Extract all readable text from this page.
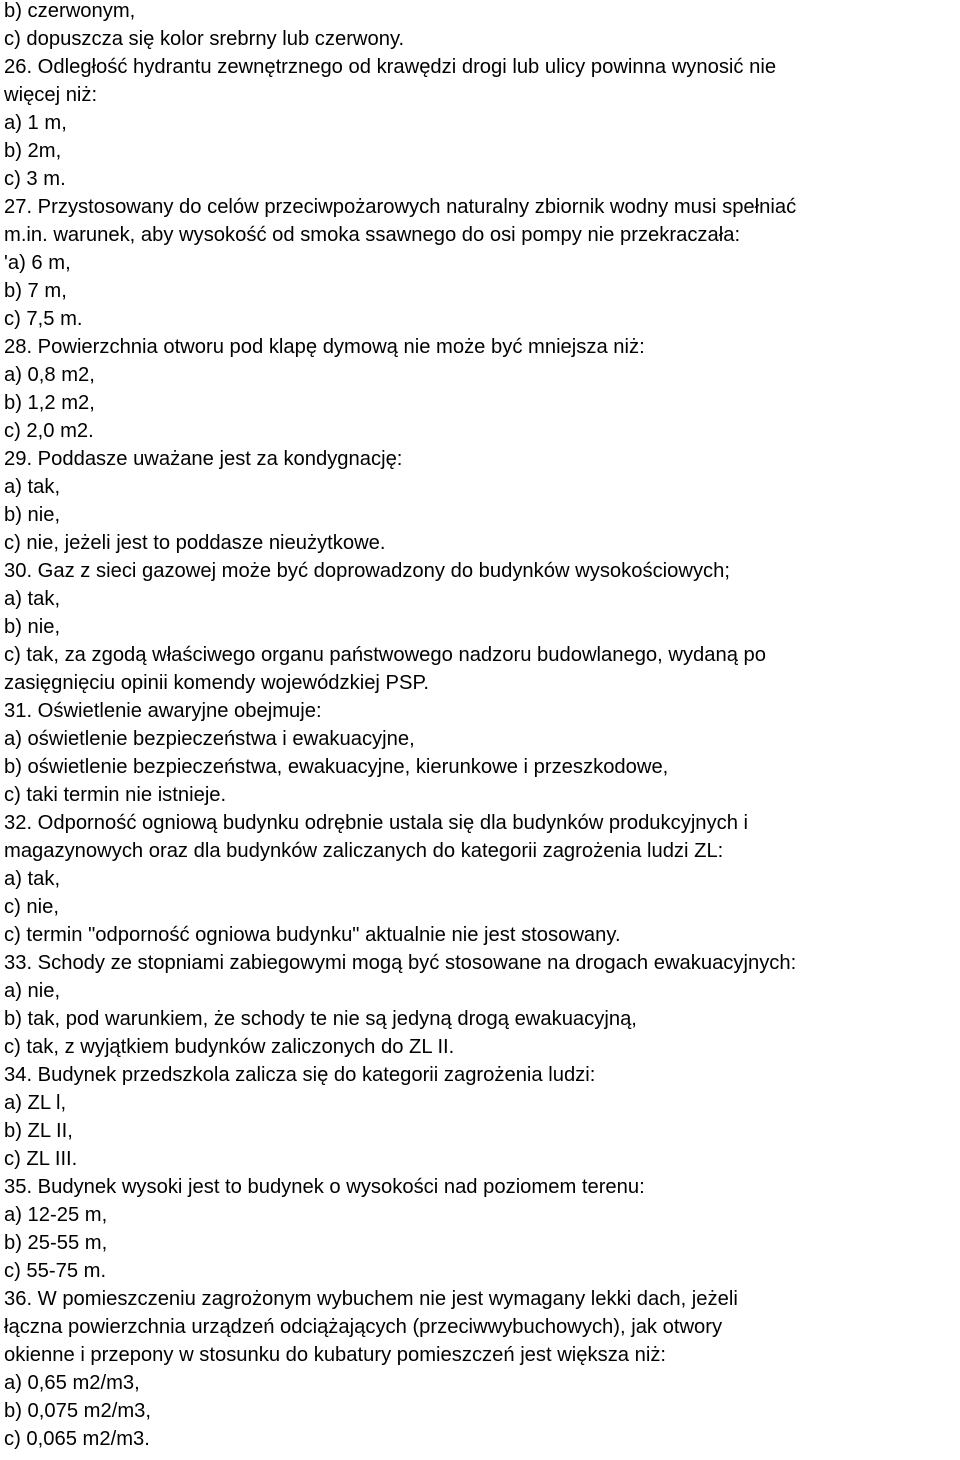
b) czerwonym,
c) dopuszcza się kolor srebrny lub czerwony.
26. Odległość hydrantu zewnętrznego od krawędzi drogi lub ulicy powinna wynosić nie
więcej niż:
a) 1 m,
b) 2m,
c) 3 m.
27. Przystosowany do celów przeciwpożarowych naturalny zbiornik wodny musi spełniać
m.in. warunek, aby wysokość od smoka ssawnego do osi pompy nie przekraczała:
'a) 6 m,
b) 7 m,
c) 7,5 m.
28. Powierzchnia otworu pod klapę dymową nie może być mniejsza niż:
a) 0,8 m2,
b) 1,2 m2,
c) 2,0 m2.
29. Poddasze uważane jest za kondygnację:
a) tak,
b) nie,
c) nie, jeżeli jest to poddasze nieużytkowe.
30. Gaz z sieci gazowej może być doprowadzony do budynków wysokościowych;
a) tak,
b) nie,
c) tak, za zgodą właściwego organu państwowego nadzoru budowlanego, wydaną po
zasięgnięciu opinii komendy wojewódzkiej PSP.
31. Oświetlenie awaryjne obejmuje:
a) oświetlenie bezpieczeństwa i ewakuacyjne,
b) oświetlenie bezpieczeństwa, ewakuacyjne, kierunkowe i przeszkodowe,
c) taki termin nie istnieje.
32. Odporność ogniową budynku odrębnie ustala się dla budynków produkcyjnych i
magazynowych oraz dla budynków zaliczanych do kategorii zagrożenia ludzi ZL:
a) tak,
c) nie,
c) termin "odporność ogniowa budynku" aktualnie nie jest stosowany.
33. Schody ze stopniami zabiegowymi mogą być stosowane na drogach ewakuacyjnych:
a) nie,
b) tak, pod warunkiem, że schody te nie są jedyną drogą ewakuacyjną,
c) tak, z wyjątkiem budynków zaliczonych do ZL II.
34. Budynek przedszkola zalicza się do kategorii zagrożenia ludzi:
a) ZL l,
b) ZL II,
c) ZL III.
35. Budynek wysoki jest to budynek o wysokości nad poziomem terenu:
a) 12-25 m,
b) 25-55 m,
c) 55-75 m.
36. W pomieszczeniu zagrożonym wybuchem nie jest wymagany lekki dach, jeżeli
łączna powierzchnia urządzeń odciążających (przeciwwybuchowych), jak otwory
okienne i przepony w stosunku do kubatury pomieszczeń jest większa niż:
a) 0,65 m2/m3,
b) 0,075 m2/m3,
c) 0,065 m2/m3.
